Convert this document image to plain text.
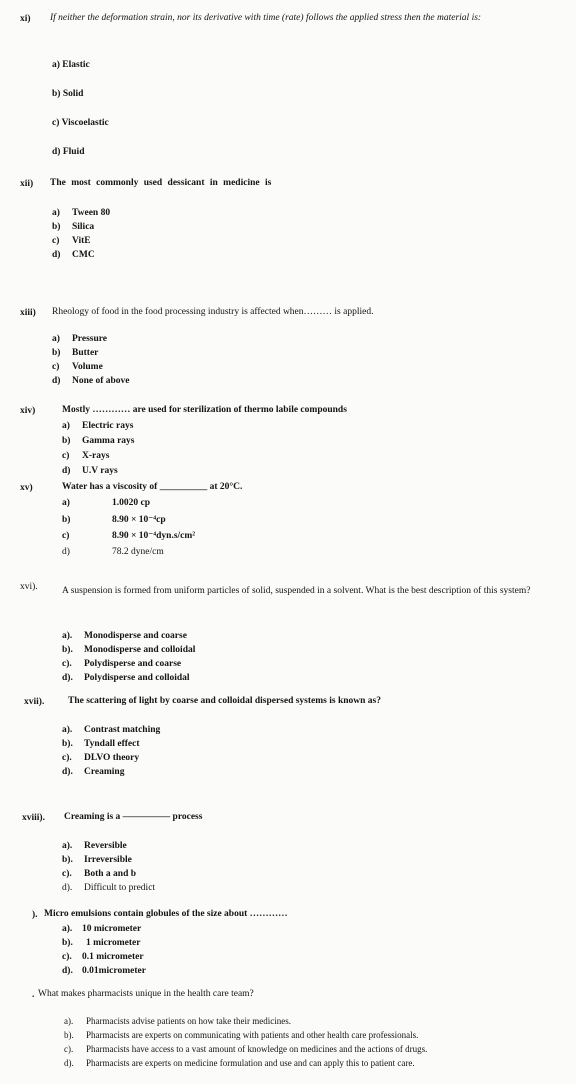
xi) If neither the deformation strain, nor its derivative with time (rate) follows the applied stress then the material is:
a) Elastic
b) Solid
c) Viscoelastic
d) Fluid
xii) The most commonly used dessicant in medicine is
a) Tween 80
b) Silica
c) VitE
d) CMC
xiii) Rheology of food in the food processing industry is affected when……… is applied.
a) Pressure
b) Butter
c) Volume
d) None of above
xiv)	Mostly ………… are used for sterilization of thermo labile compounds
a) Electric rays
b) Gamma rays
c) X-rays
d) U.V rays
xv)	Water has a viscosity of __________ at 20°C.
a)	1.0020 cp
b)	8.90 × 10⁻⁴cp
c)	8.90 × 10⁻⁴dyn.s/cm²
d)	78.2 dyne/cm
xvi).	A suspension is formed from uniform particles of solid, suspended in a solvent. What is the best description of this system?
a). Monodisperse and coarse
b). Monodisperse and colloidal
c). Polydisperse and coarse
d). Polydisperse and colloidal
xvii). The scattering of light by coarse and colloidal dispersed systems is known as?
a). Contrast matching
b). Tyndall effect
c). DLVO theory
d). Creaming
xviii). Creaming is a ————— process
a). Reversible
b). Irreversible
c). Both a and b
d). Difficult to predict
). Micro emulsions contain globules of the size about …………
a). 10 micrometer
b). 1 micrometer
c). 0.1 micrometer
d). 0.01micrometer
. What makes pharmacists unique in the health care team?
a). Pharmacists advise patients on how take their medicines.
b). Pharmacists are experts on communicating with patients and other health care professionals.
c). Pharmacists have access to a vast amount of knowledge on medicines and the actions of drugs.
d). Pharmacists are experts on medicine formulation and use and can apply this to patient care.
